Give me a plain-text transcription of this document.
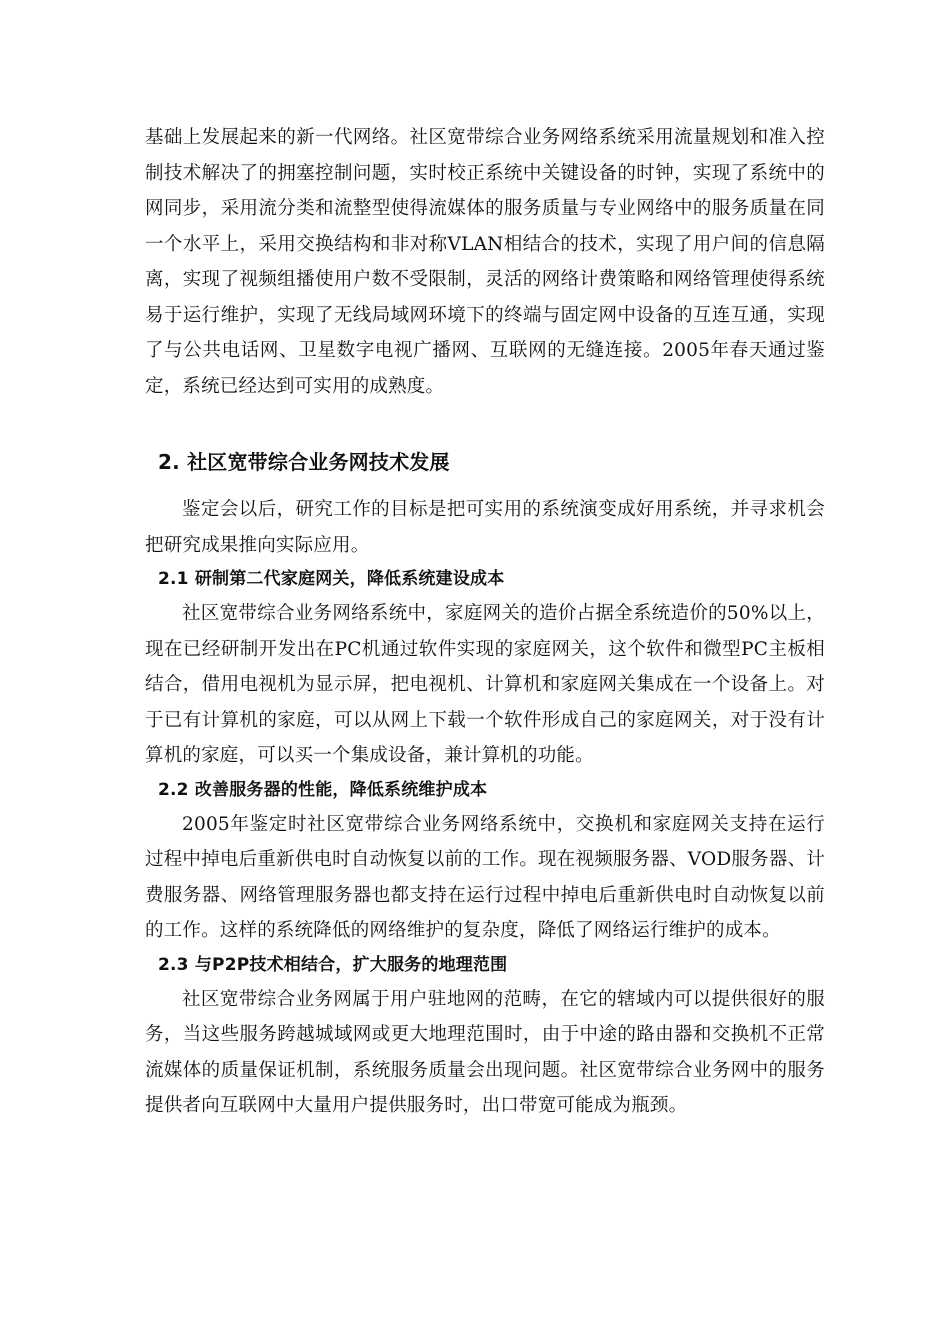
基础上发展起来的新一代网络。社区宽带综合业务网络系统采用流量规划和准入控制技术解决了的拥塞控制问题，实时校正系统中关键设备的时钟，实现了系统中的网同步，采用流分类和流整型使得流媒体的服务质量与专业网络中的服务质量在同一个水平上，采用交换结构和非对称VLAN相结合的技术，实现了用户间的信息隔离，实现了视频组播使用户数不受限制，灵活的网络计费策略和网络管理使得系统易于运行维护，实现了无线局域网环境下的终端与固定网中设备的互连互通，实现了与公共电话网、卫星数字电视广播网、互联网的无缝连接。2005年春天通过鉴定，系统已经达到可实用的成熟度。

2. 社区宽带综合业务网技术发展

鉴定会以后，研究工作的目标是把可实用的系统演变成好用系统，并寻求机会把研究成果推向实际应用。

2.1 研制第二代家庭网关，降低系统建设成本

社区宽带综合业务网络系统中，家庭网关的造价占据全系统造价的50%以上，现在已经研制开发出在PC机通过软件实现的家庭网关，这个软件和微型PC主板相结合，借用电视机为显示屏，把电视机、计算机和家庭网关集成在一个设备上。对于已有计算机的家庭，可以从网上下载一个软件形成自己的家庭网关，对于没有计算机的家庭，可以买一个集成设备，兼计算机的功能。

2.2 改善服务器的性能，降低系统维护成本

2005年鉴定时社区宽带综合业务网络系统中，交换机和家庭网关支持在运行过程中掉电后重新供电时自动恢复以前的工作。现在视频服务器、VOD服务器、计费服务器、网络管理服务器也都支持在运行过程中掉电后重新供电时自动恢复以前的工作。这样的系统降低的网络维护的复杂度，降低了网络运行维护的成本。

2.3 与P2P技术相结合，扩大服务的地理范围

社区宽带综合业务网属于用户驻地网的范畴，在它的辖域内可以提供很好的服务，当这些服务跨越城域网或更大地理范围时，由于中途的路由器和交换机不正常流媒体的质量保证机制，系统服务质量会出现问题。社区宽带综合业务网中的服务提供者向互联网中大量用户提供服务时，出口带宽可能成为瓶颈。
